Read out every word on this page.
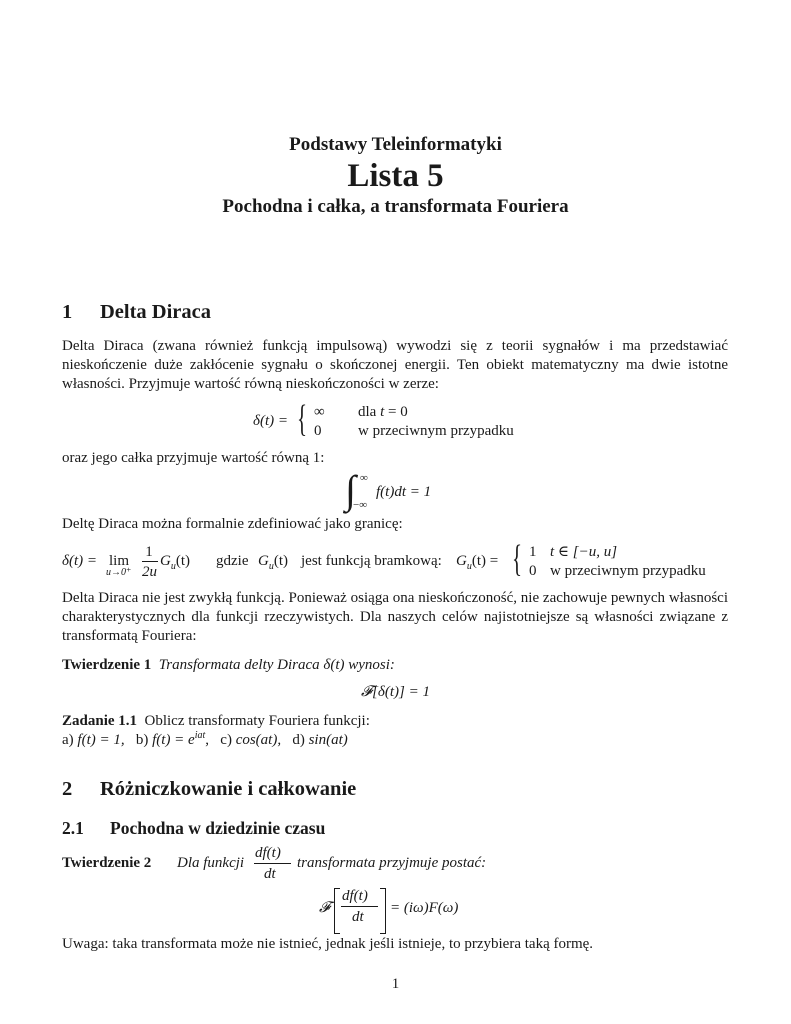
Podstawy Teleinformatyki
Lista 5
Pochodna i całka, a transformata Fouriera
1 Delta Diraca
Delta Diraca (zwana również funkcją impulsową) wywodzi się z teorii sygnałów i ma przedstawiać nieskończenie duże zakłócenie sygnału o skończonej energii. Ten obiekt matematyczny ma dwie istotne własności. Przyjmuje wartość równą nieskończoności w zerze:
δ(t) = { ∞ dla t = 0
0 w przeciwnym przypadku
oraz jego całka przyjmuje wartość równą 1:
∫ ∞
−∞
f(t)dt = 1
Deltę Diraca można formalnie zdefiniować jako granicę:
δ(t) = lim
u→0⁺
1
2u
$G_u(t)$ gdzie $G_u(t)$ jest funkcją bramkową: $G_u(t)$ = { 1 t ∈ [−u, u]
0 w przeciwnym przypadku
Delta Diraca nie jest zwykłą funkcją. Ponieważ osiąga ona nieskończoność, nie zachowuje pewnych własności charakterystycznych dla funkcji rzeczywistych. Dla naszych celów najistotniejsze są własności związane z transformatą Fouriera:
Twierdzenie 1 Transformata delty Diraca δ(t) wynosi:
𝓕[δ(t)] = 1
Zadanie 1.1 Oblicz transformaty Fouriera funkcji:
a) f(t) = 1, b) $f(t) = e^{iat}$, c) cos(at), d) sin(at)
2 Różniczkowanie i całkowanie
2.1 Pochodna w dziedzinie czasu
Twierdzenie 2 Dla funkcji
df(t)
dt
transformata przyjmuje postać:
𝓕
df(t)
dt
= (iω)F(ω)
Uwaga: taka transformata może nie istnieć, jednak jeśli istnieje, to przybiera taką formę.
1
